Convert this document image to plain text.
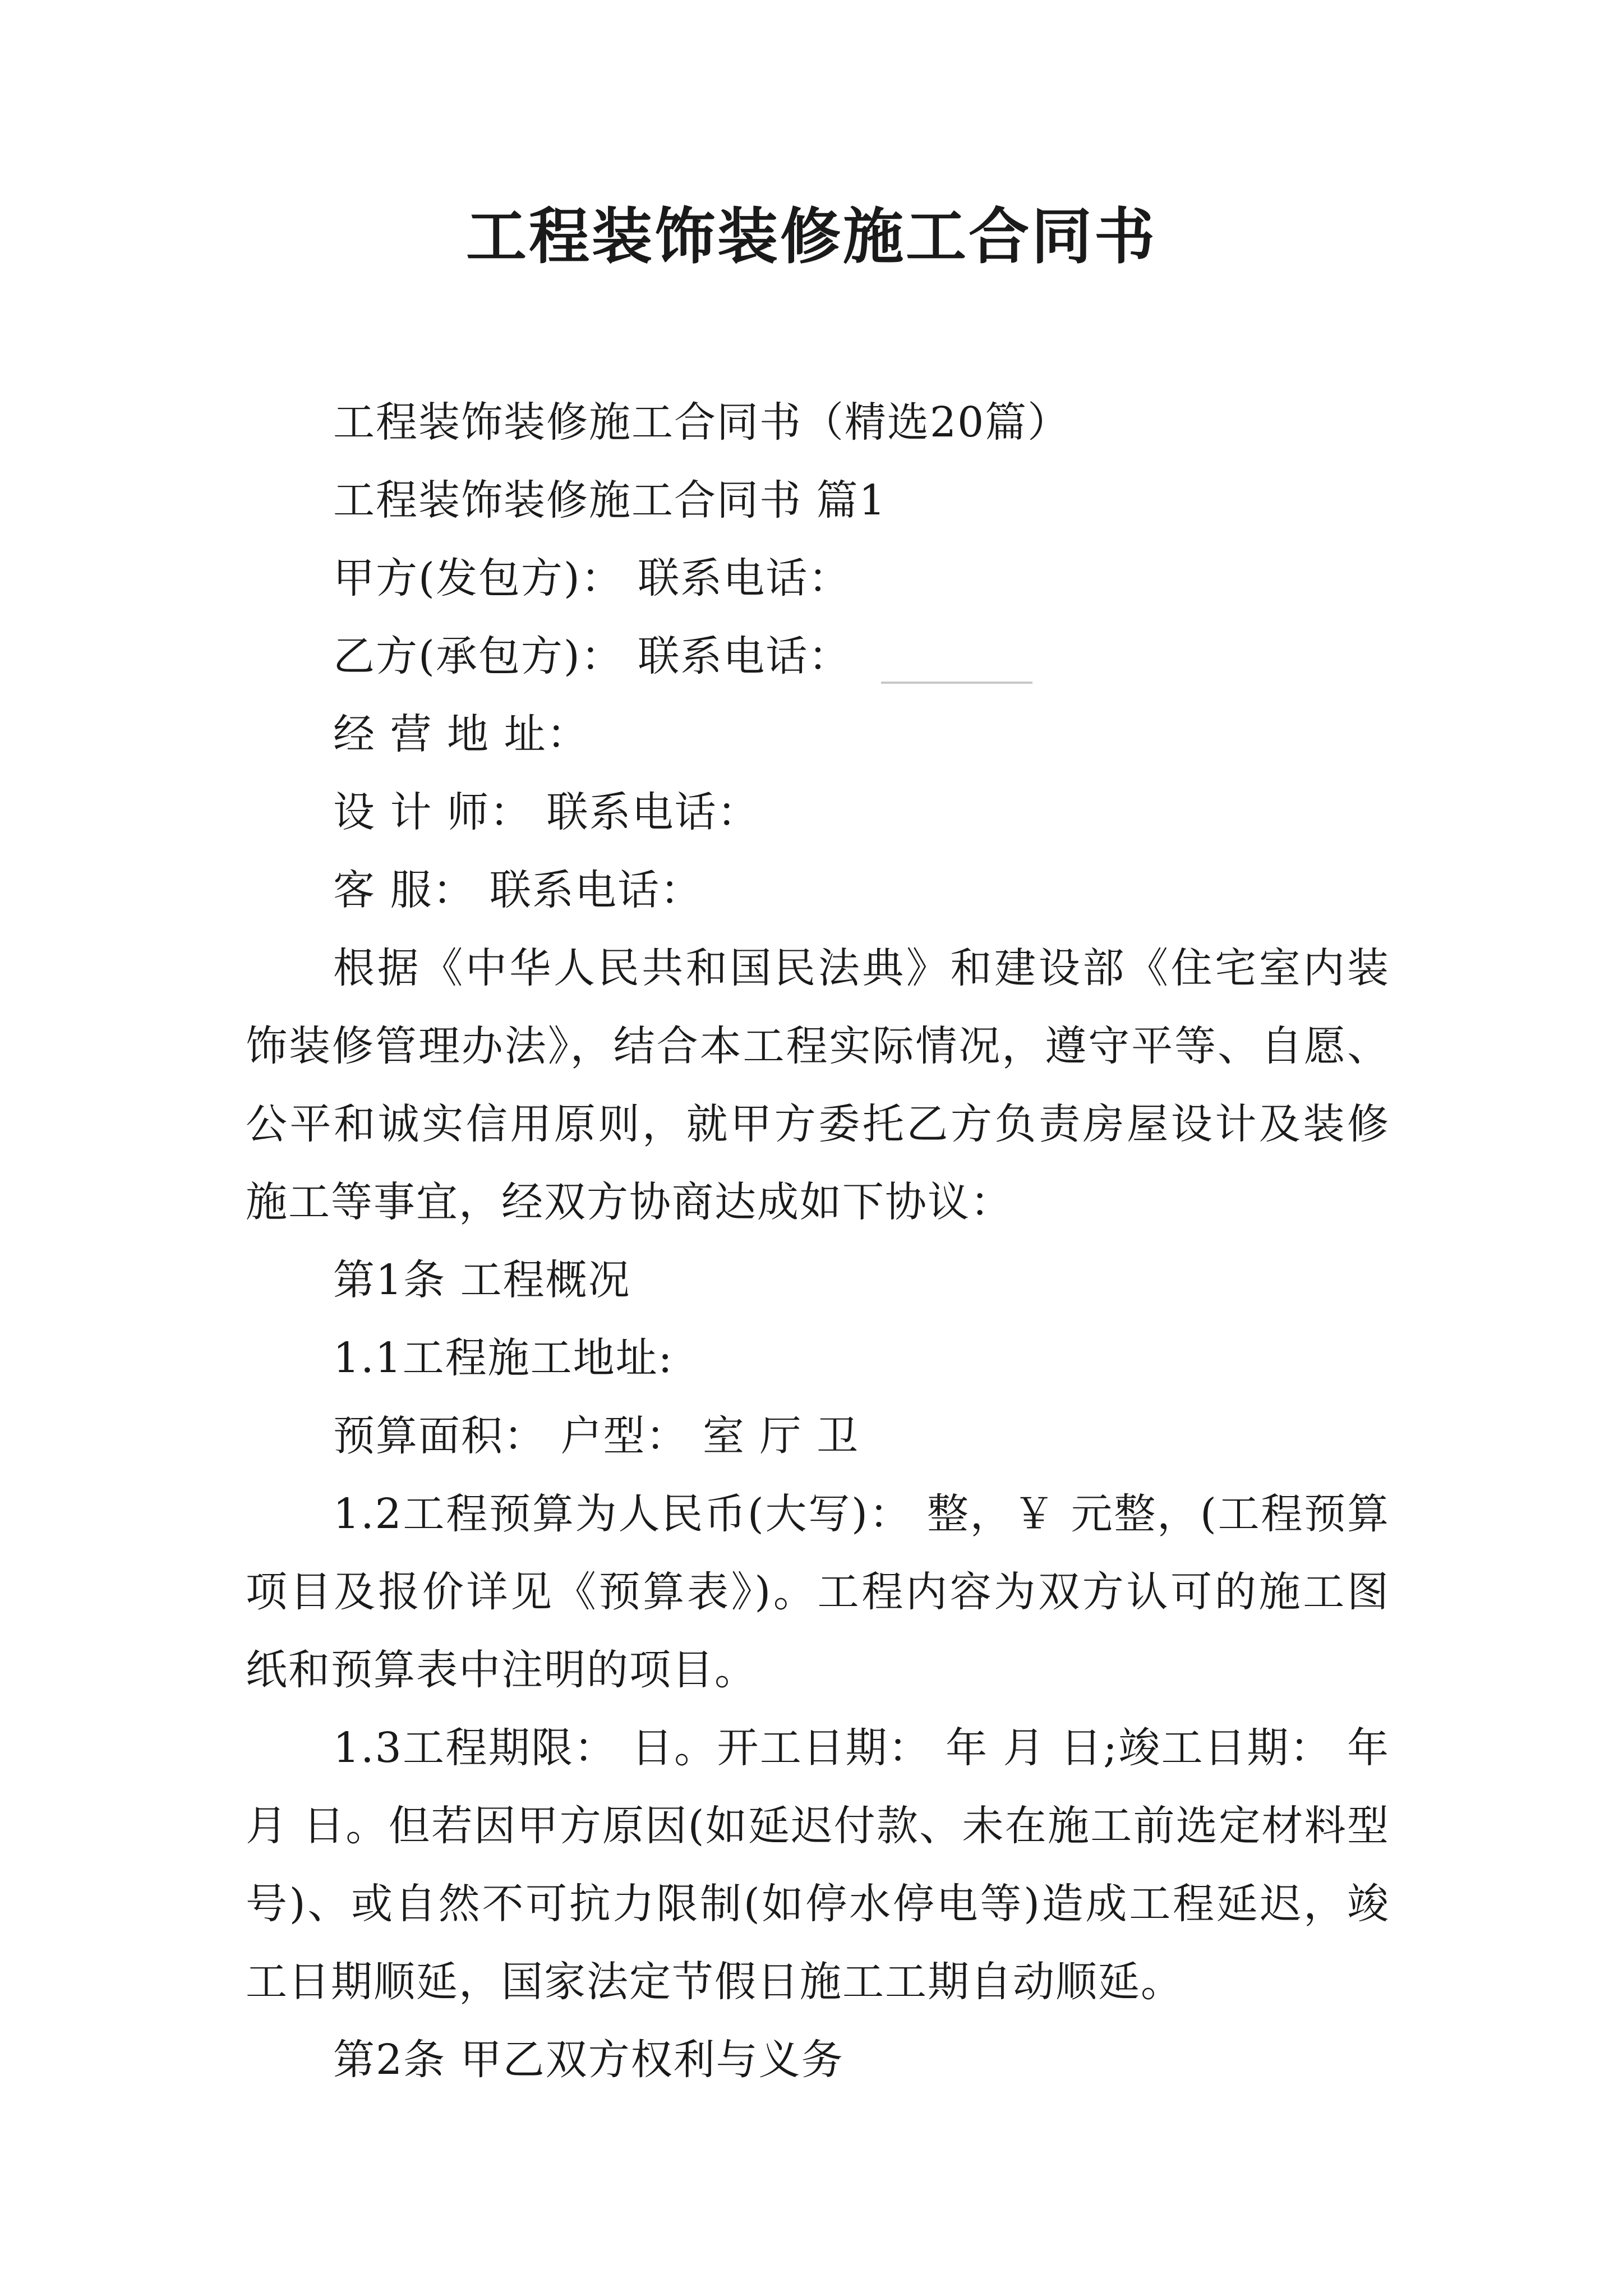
工程装饰装修施工合同书

工程装饰装修施工合同书（精选20篇）

工程装饰装修施工合同书 篇1

甲方(发包方)： 联系电话：

乙方(承包方)： 联系电话：

经 营 地 址：

设 计 师： 联系电话：

客 服： 联系电话：

根据《中华人民共和国民法典》和建设部《住宅室内装饰装修管理办法》，结合本工程实际情况，遵守平等、自愿、公平和诚实信用原则，就甲方委托乙方负责房屋设计及装修施工等事宜，经双方协商达成如下协议：

第1条 工程概况

1.1工程施工地址:

预算面积： 户型： 室 厅 卫

1.2工程预算为人民币(大写)： 整，￥ 元整，(工程预算项目及报价详见《预算表》)。工程内容为双方认可的施工图纸和预算表中注明的项目。

1.3工程期限： 日。开工日期： 年 月 日;竣工日期： 年 月 日。但若因甲方原因(如延迟付款、未在施工前选定材料型号)、或自然不可抗力限制(如停水停电等)造成工程延迟，竣工日期顺延，国家法定节假日施工工期自动顺延。

第2条 甲乙双方权利与义务
